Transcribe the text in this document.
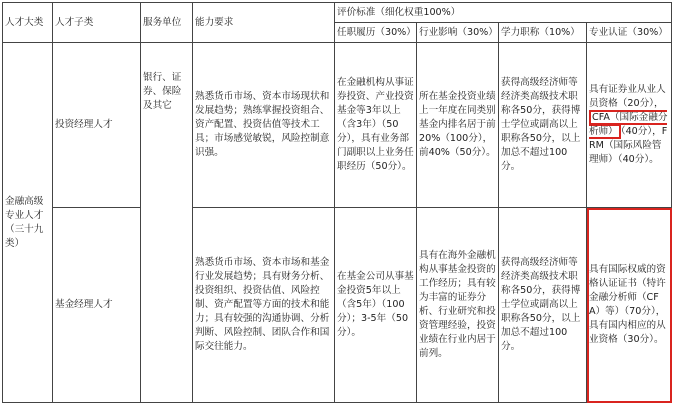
人才大类	人才子类	服务单位	能力要求	评价标准（细化权重100%）			
				任职履历（30%）	行业影响（30%）	学力职称（10%）	专业认证（30%）
金融高级专业人才（三十九类）	投资经理人才	银行、证券、保险及其它	熟悉货币市场、资本市场现状和发展趋势；熟练掌握投资组合、资产配置、投资估值等技术工具；市场感觉敏锐，风险控制意识强。	在金融机构从事证券投资、产业投资基金等3年以上（含3年）（50分），具有业务部门副职以上业务任职经历（50分）。	所在基金投资业绩上一年度在同类别基金内排名居于前20%（100分），前40%（50分）。	获得高级经济师等经济类高级技术职称各50分，获得博士学位或副高以上职称各50分，以上加总不超过100分。	具有证券业从业人员资格（20分），CFA（国际金融分析师） （40分），FRM（国际风险管理师）（40分）。
	基金经理人才		熟悉货币市场、资本市场和基金行业发展趋势；具有财务分析、投资组织、投资估值、风险控制、资产配置等方面的技术和能力；具有较强的沟通协调、分析判断、风险控制、团队合作和国际交往能力。	在基金公司从事基金投资5年以上（含5年）（100分）；3-5年（50分）。	具有在海外金融机构从事基金投资的工作经历；具有较为丰富的证券分析、行业研究和投资管理经验，投资业绩在行业内居于前列。	获得高级经济师等经济类高级技术职称各50分，获得博士学位或副高以上职称各50分，以上加总不超过100分。	具有国际权威的资格认证证书（特许金融分析师（CFA）等）（70分），具有国内相应的从业资格（30分）。
